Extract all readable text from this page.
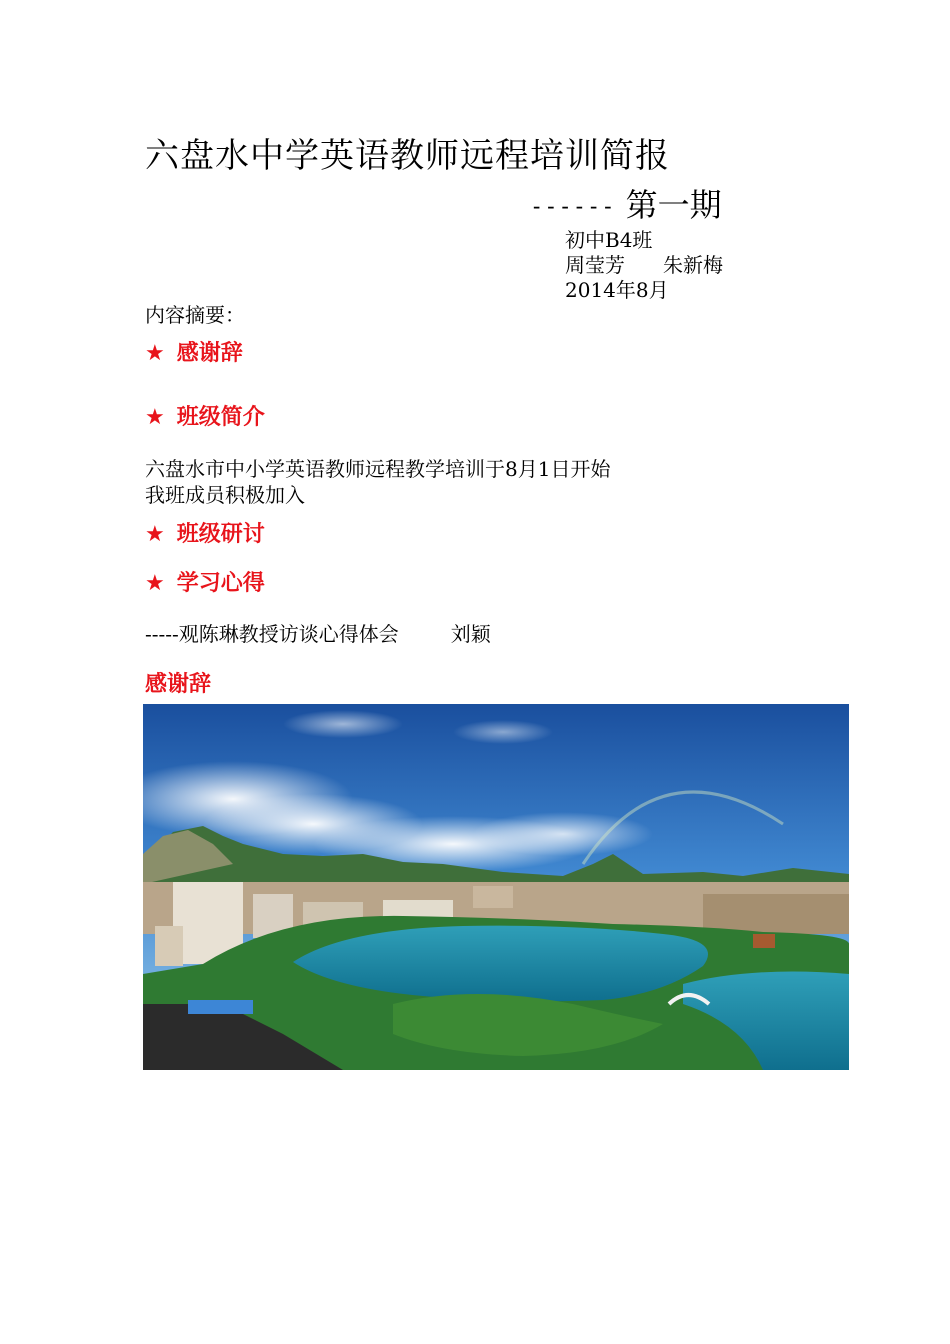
六盘水中学英语教师远程培训简报
------ 第一期
初中B4班
周莹芳 朱新梅
2014年8月
内容摘要：
★ 感谢辞
★ 班级简介
六盘水市中小学英语教师远程教学培训于8月1日开始
我班成员积极加入
★ 班级研讨
★ 学习心得
-----观陈琳教授访谈心得体会	刘颖
感谢辞
